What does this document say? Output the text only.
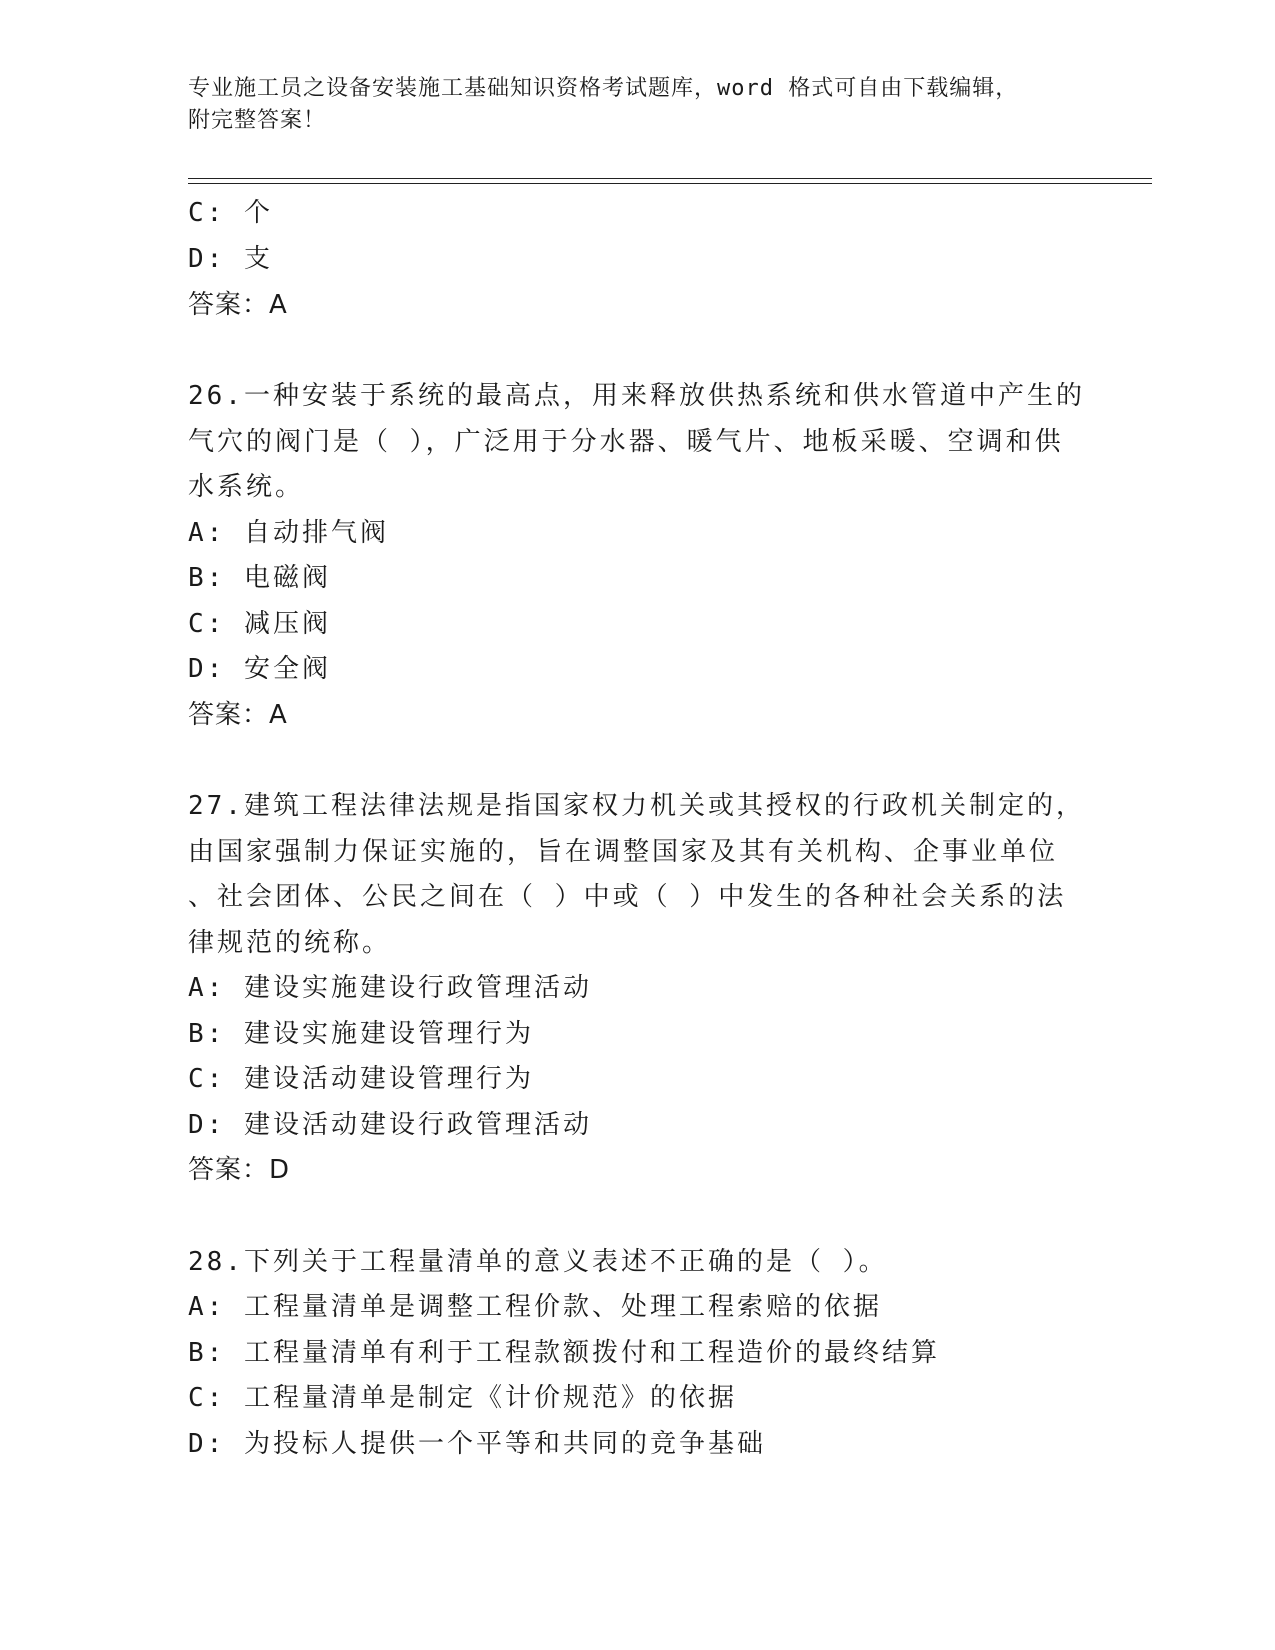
专业施工员之设备安装施工基础知识资格考试题库，word 格式可自由下载编辑，
附完整答案！
C: 个
D: 支
答案：A
26.一种安装于系统的最高点，用来释放供热系统和供水管道中产生的
气穴的阀门是（ ），广泛用于分水器、暖气片、地板采暖、空调和供
水系统。
A: 自动排气阀
B: 电磁阀
C: 减压阀
D: 安全阀
答案：A
27.建筑工程法律法规是指国家权力机关或其授权的行政机关制定的，
由国家强制力保证实施的，旨在调整国家及其有关机构、企事业单位
、社会团体、公民之间在（ ）中或（ ）中发生的各种社会关系的法
律规范的统称。
A: 建设实施建设行政管理活动
B: 建设实施建设管理行为
C: 建设活动建设管理行为
D: 建设活动建设行政管理活动
答案：D
28.下列关于工程量清单的意义表述不正确的是（ ）。
A: 工程量清单是调整工程价款、处理工程索赔的依据
B: 工程量清单有利于工程款额拨付和工程造价的最终结算
C: 工程量清单是制定《计价规范》的依据
D: 为投标人提供一个平等和共同的竞争基础
